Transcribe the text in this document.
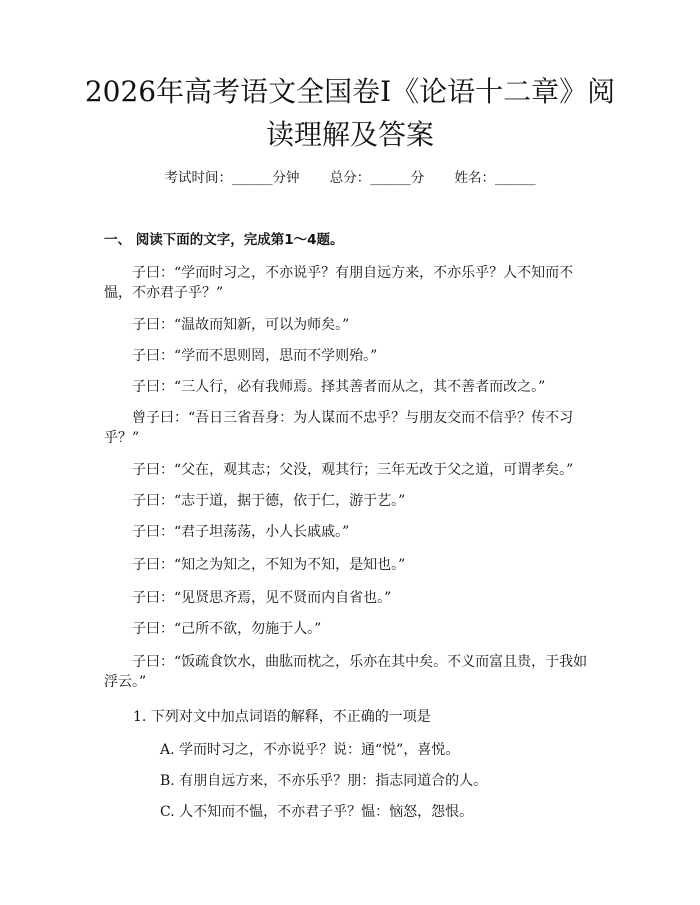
2026年高考语文全国卷Ⅰ《论语十二章》阅
读理解及答案
考试时间：______分钟 总分：______分 姓名：______
一、 阅读下面的文字，完成第1～4题。
子曰：“学而时习之，不亦说乎？有朋自远方来，不亦乐乎？人不知而不愠，不亦君子乎？”
子曰：“温故而知新，可以为师矣。”
子曰：“学而不思则罔，思而不学则殆。”
子曰：“三人行，必有我师焉。择其善者而从之，其不善者而改之。”
曾子曰：“吾日三省吾身：为人谋而不忠乎？与朋友交而不信乎？传不习乎？”
子曰：“父在，观其志；父没，观其行；三年无改于父之道，可谓孝矣。”
子曰：“志于道，据于德，依于仁，游于艺。”
子曰：“君子坦荡荡，小人长戚戚。”
子曰：“知之为知之，不知为不知，是知也。”
子曰：“见贤思齐焉，见不贤而内自省也。”
子曰：“己所不欲，勿施于人。”
子曰：“饭疏食饮水，曲肱而枕之，乐亦在其中矣。不义而富且贵，于我如浮云。”
1. 下列对文中加点词语的解释，不正确的一项是
A. 学而时习之，不亦说乎？说：通“悦”，喜悦。
B. 有朋自远方来，不亦乐乎？朋：指志同道合的人。
C. 人不知而不愠，不亦君子乎？愠：恼怒，怨恨。
